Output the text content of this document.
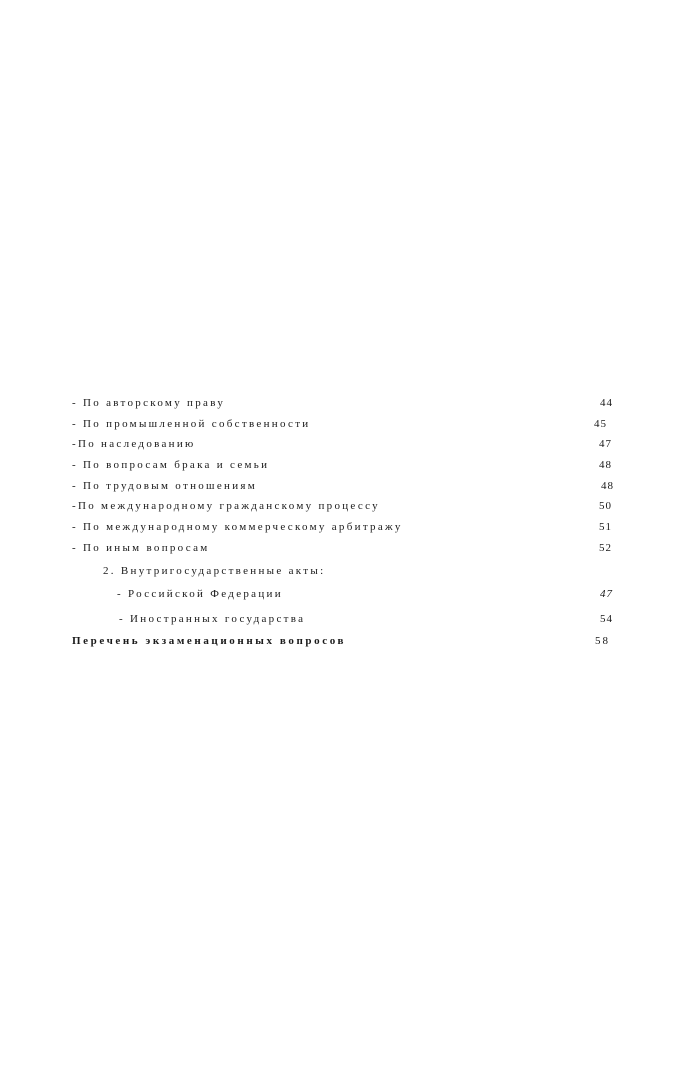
- По авторскому праву	44
- По промышленной собственности	45
-По наследованию	47
- По вопросам брака и семьи	48
- По трудовым отношениям	48
-По международному гражданскому процессу	50
- По международному коммерческому арбитражу	51
- По иным вопросам	52
2. Внутригосударственные акты:
- Российской Федерации	47
- Иностранных государства	54
Перечень экзаменационных вопросов	58
